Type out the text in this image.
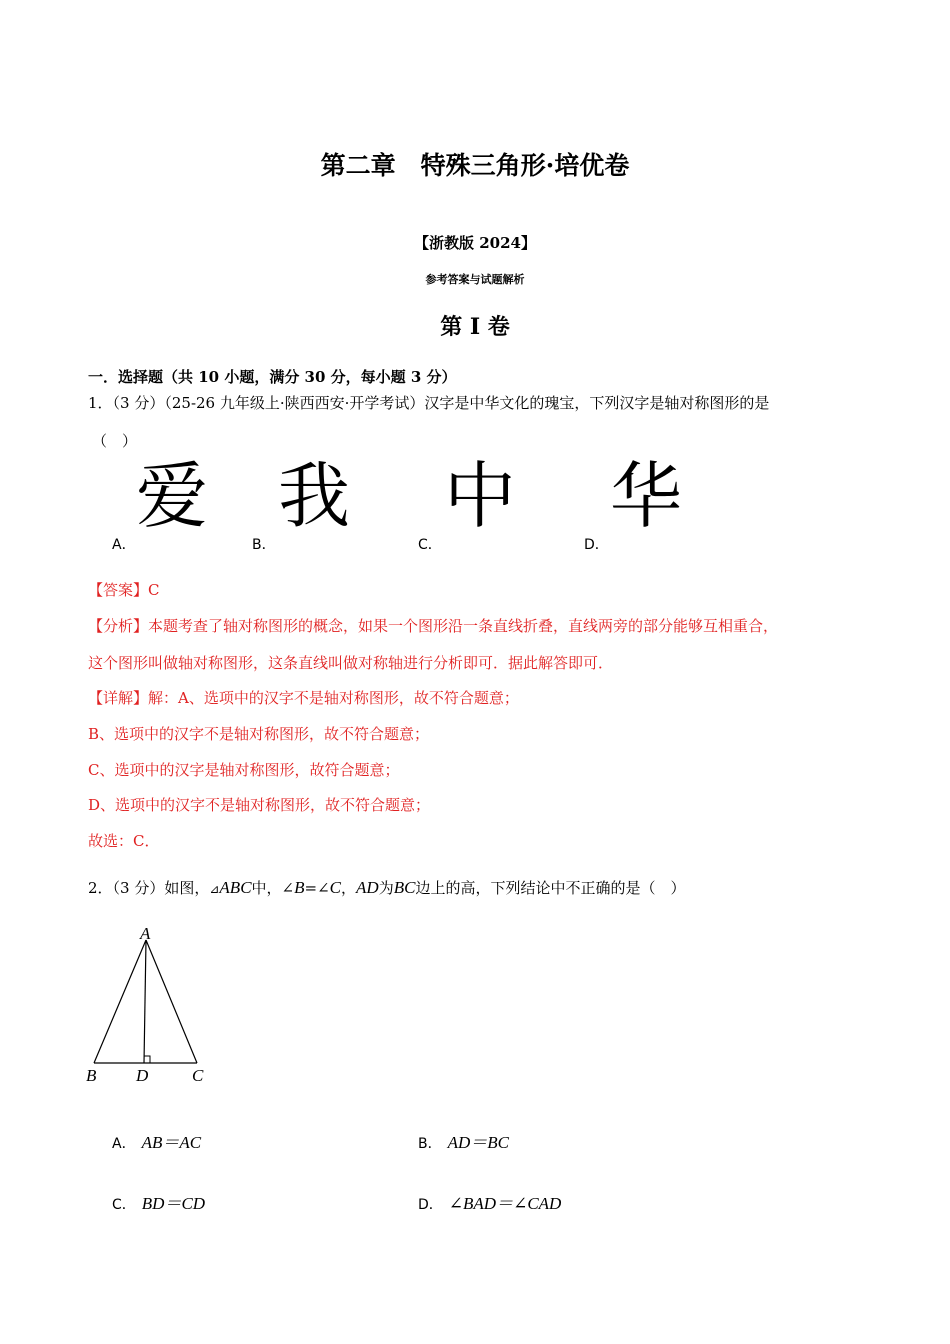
第二章　特殊三角形·培优卷
【浙教版 2024】
参考答案与试题解析
第 I 卷
一．选择题（共 10 小题，满分 30 分，每小题 3 分）
1．（3 分）（25-26 九年级上·陕西西安·开学考试）汉字是中华文化的瑰宝，下列汉字是轴对称图形的是
（　）
爱 我 中 华
A．	B．	C．	D．
【答案】C
【分析】本题考查了轴对称图形的概念，如果一个图形沿一条直线折叠，直线两旁的部分能够互相重合，
这个图形叫做轴对称图形，这条直线叫做对称轴进行分析即可．据此解答即可．
【详解】解：A、选项中的汉字不是轴对称图形，故不符合题意；
B、选项中的汉字不是轴对称图形，故不符合题意；
C、选项中的汉字是轴对称图形，故符合题意；
D、选项中的汉字不是轴对称图形，故不符合题意；
故选：C．
2．（3 分）如图，⊿ABC中，∠B=∠C，AD为BC边上的高，下列结论中不正确的是（　）
A
B D	C
A． AB＝AC	B． AD＝BC
C． BD＝CD	D． ∠BAD＝∠CAD
